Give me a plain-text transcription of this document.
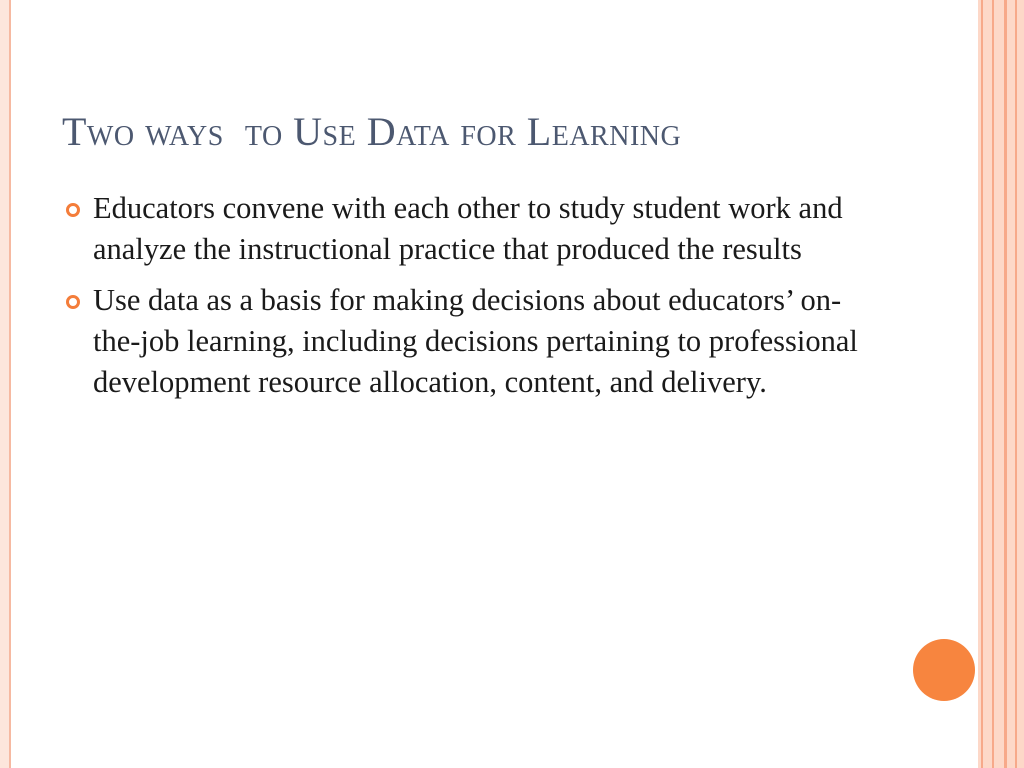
Two ways  to Use Data for Learning
Educators convene with each other to study student work and analyze the instructional practice that produced the results
Use data as a basis for making decisions about educators’ on-the-job learning, including decisions pertaining to professional development resource allocation, content, and delivery.
